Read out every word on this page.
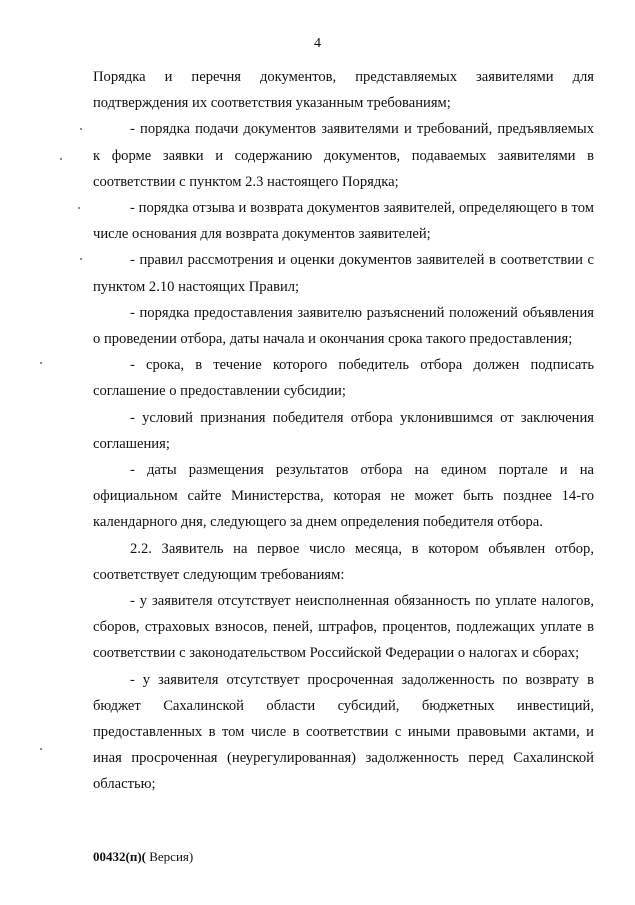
4

Порядка и перечня документов, представляемых заявителями для подтверждения их соответствия указанным требованиям;

- порядка подачи документов заявителями и требований, предъявляемых к форме заявки и содержанию документов, подаваемых заявителями в соответствии с пунктом 2.3 настоящего Порядка;

- порядка отзыва и возврата документов заявителей, определяющего в том числе основания для возврата документов заявителей;

- правил рассмотрения и оценки документов заявителей в соответствии с пунктом 2.10 настоящих Правил;

- порядка предоставления заявителю разъяснений положений объявления о проведении отбора, даты начала и окончания срока такого предоставления;

- срока, в течение которого победитель отбора должен подписать соглашение о предоставлении субсидии;

- условий признания победителя отбора уклонившимся от заключения соглашения;

- даты размещения результатов отбора на едином портале и на официальном сайте Министерства, которая не может быть позднее 14-го календарного дня, следующего за днем определения победителя отбора.

2.2. Заявитель на первое число месяца, в котором объявлен отбор, соответствует следующим требованиям:

- у заявителя отсутствует неисполненная обязанность по уплате налогов, сборов, страховых взносов, пеней, штрафов, процентов, подлежащих уплате в соответствии с законодательством Российской Федерации о налогах и сборах;

- у заявителя отсутствует просроченная задолженность по возврату в бюджет Сахалинской области субсидий, бюджетных инвестиций, предоставленных в том числе в соответствии с иными правовыми актами, и иная просроченная (неурегулированная) задолженность перед Сахалинской областью;

00432(п)( Версия)
